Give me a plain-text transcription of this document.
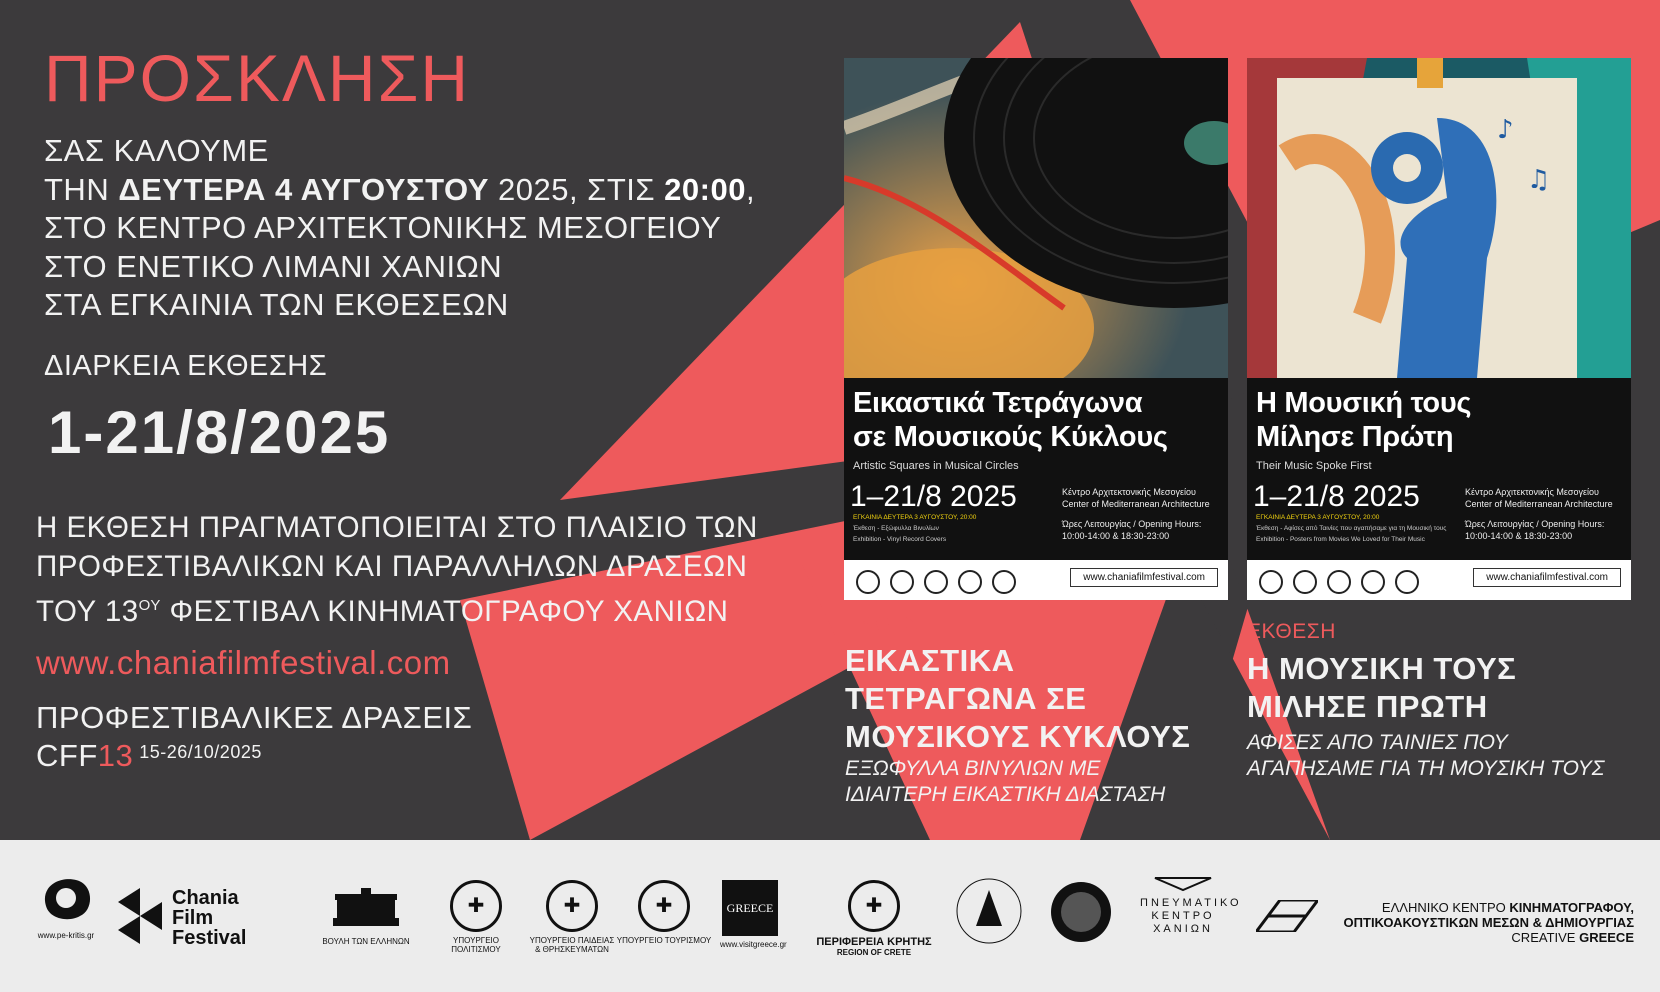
ΠΡΟΣΚΛΗΣΗ
ΣΑΣ ΚΑΛΟΥΜΕ
ΤΗΝ ΔΕΥΤΕΡΑ 4 ΑΥΓΟΥΣΤΟΥ 2025, ΣΤΙΣ 20:00,
ΣΤΟ ΚΕΝΤΡΟ ΑΡΧΙΤΕΚΤΟΝΙΚΗΣ ΜΕΣΟΓΕΙΟΥ
ΣΤΟ ΕΝΕΤΙΚΟ ΛΙΜΑΝΙ ΧΑΝΙΩΝ
ΣΤΑ ΕΓΚΑΙΝΙΑ ΤΩΝ ΕΚΘΕΣΕΩΝ
ΔΙΑΡΚΕΙΑ ΕΚΘΕΣΗΣ
1-21/8/2025
Η ΕΚΘΕΣΗ ΠΡΑΓΜΑΤΟΠΟΙΕΙΤΑΙ ΣΤΟ ΠΛΑΙΣΙΟ ΤΩΝ
ΠΡΟΦΕΣΤΙΒΑΛΙΚΩΝ ΚΑΙ ΠΑΡΑΛΛΗΛΩΝ ΔΡΑΣΕΩΝ
ΤΟΥ $13^{O\Upsilon}$ ΦΕΣΤΙΒΑΛ ΚΙΝΗΜΑΤΟΓΡΑΦΟΥ ΧΑΝΙΩΝ
www.chaniafilmfestival.com
ΠΡΟΦΕΣΤΙΒΑΛΙΚΕΣ ΔΡΑΣΕΙΣ
CFF13 $^{15-26/10/2025}$
Εικαστικά Τετράγωνα
σε Μουσικούς Κύκλους
Artistic Squares in Musical Circles
1–21/8 2025
ΕΓΚΑΙΝΙΑ ΔΕΥΤΕΡΑ 3 ΑΥΓΟΥΣΤΟΥ, 20:00
Έκθεση - Εξώφυλλα Βινυλίων
Exhibition - Vinyl Record Covers
Κέντρο Αρχιτεκτονικής Μεσογείου
Center of Mediterranean Architecture
Ώρες Λειτουργίας / Opening Hours:
10:00-14:00 & 18:30-23:00
www.chaniafilmfestival.com
♪
♫
Η Μουσική τους
Μίλησε Πρώτη
Their Music Spoke First
1–21/8 2025
ΕΓΚΑΙΝΙΑ ΔΕΥΤΕΡΑ 3 ΑΥΓΟΥΣΤΟΥ, 20:00
Έκθεση - Αφίσες από Ταινίες που αγαπήσαμε για τη Μουσική τους
Exhibition - Posters from Movies We Loved for Their Music
Κέντρο Αρχιτεκτονικής Μεσογείου
Center of Mediterranean Architecture
Ώρες Λειτουργίας / Opening Hours:
10:00-14:00 & 18:30-23:00
www.chaniafilmfestival.com
ΕΚΘΕΣΗ
ΕΙΚΑΣΤΙΚΑ
ΤΕΤΡΑΓΩΝΑ ΣΕ
ΜΟΥΣΙΚΟΥΣ ΚΥΚΛΟΥΣ
ΕΞΩΦΥΛΛΑ ΒΙΝΥΛΙΩΝ ΜΕ
ΙΔΙΑΙΤΕΡΗ ΕΙΚΑΣΤΙΚΗ ΔΙΑΣΤΑΣΗ
ΕΚΘΕΣΗ
Η ΜΟΥΣΙΚΗ ΤΟΥΣ
ΜΙΛΗΣΕ ΠΡΩΤΗ
ΑΦΙΣΕΣ ΑΠΟ ΤΑΙΝΙΕΣ ΠΟΥ
ΑΓΑΠΗΣΑΜΕ ΓΙΑ ΤΗ ΜΟΥΣΙΚΗ ΤΟΥΣ
www.pe-kritis.gr
Chania
Film
Festival	ΒΟΥΛΗ ΤΩΝ ΕΛΛΗΝΩΝ
✚	ΥΠΟΥΡΓΕΙΟ ΠΟΛΙΤΙΣΜΟΥ
✚
ΥΠΟΥΡΓΕΙΟ ΠΑΙΔΕΙΑΣ
& ΘΡΗΣΚΕΥΜΑΤΩΝ
✚
ΥΠΟΥΡΓΕΙΟ ΤΟΥΡΙΣΜΟΥ
GREECE
www.visitgreece.gr
✚	ΠΕΡΙΦΕΡΕΙΑ ΚΡΗΤΗΣ
REGION OF CRETE
ΠΝΕΥΜΑΤΙΚΟ
ΚΕΝΤΡΟ
ΧΑΝΙΩΝ
ΕΛΛΗΝΙΚΟ ΚΕΝΤΡΟ ΚΙΝΗΜΑΤΟΓΡΑΦΟΥ,
ΟΠΤΙΚΟΑΚΟΥΣΤΙΚΩΝ ΜΕΣΩΝ & ΔΗΜΙΟΥΡΓΙΑΣ
CREATIVE GREECE
